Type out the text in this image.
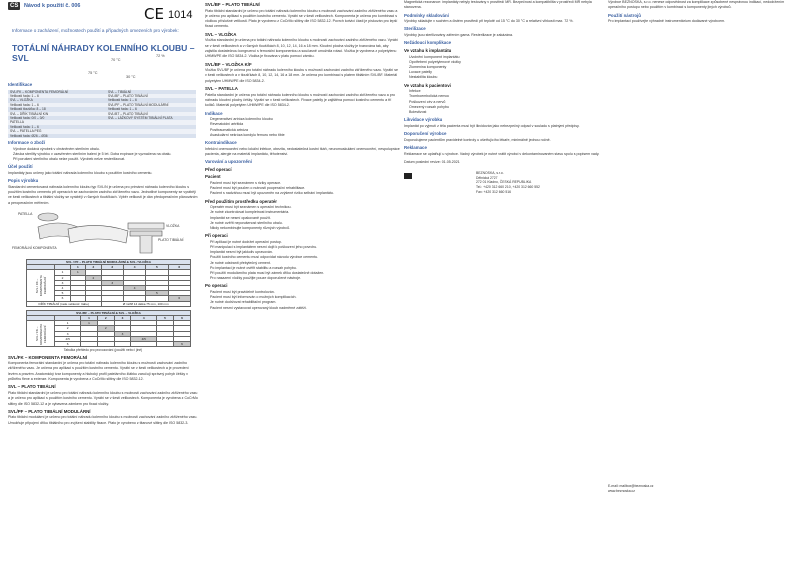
CS	Návod k použití č. 006	CE 1014
Informace o zacházení, možnostech použití a případných omezeních pro výrobek:
TOTÁLNÍ NÁHRADY KOLENNÍHO KLOUBU – SVL	70 °C
72 %
75 °C
30 °C
Identifikace
SVL/FK – KOMPONENTA FEMORÁLNÍ	SVL – TIBIÁLNÍ
Velikosti řada: 1 – 6	SVL/BF – PLATO TIBIÁLNÍ
SVL – VLOŽKA	Velikosti řada: 1 – 6
Velikosti řada: 1 – 6	SVL/PF – PLATO TIBIÁLNÍ MODULÁRNÍ
Velikosti tloušťka: 8 – 18	Velikosti řada: 1 – 6
SVL – DŘÍK TIBIÁLNÍ K/N	SVL/BT – PLATO TIBIÁLNÍ
Velikosti řada: 0/0 – 0/0	SVL – LÁŽKOVÝ SYSTÉM TIBIÁLNÍ PLATA
PATELLA	
Velikosti řada: 1 – 6	
SVL – PATELLA PEG	
Velikosti řada: Ø26 – Ø36	
Informace o zboží
• Výrobce dodává výrobek v chráněném sterilním obalu.
• Záruka sterility výrobku v uzavřeném sterilním balení je 5 let. Doba expirace je vyznačena na obalu.
• Při porušení sterilního obalu nelze použít. Výrobek nelze resterilizovat.
Účel použití

Implantáty jsou určeny jako totální náhrada kolenního kloubu s použitím kostního cementu.

Popis výrobku

Standardní cementovaná náhrada kolenního kloubu typ SVL/N je určena pro primární náhradu kolenního kloubu s použitím kostního cementu při operacích se zachováním zadního zkříženého vazu. Jednotlivé komponenty se vyrábějí ve šesti velikostech a tibiální vložky se vyrábějí v různých tloušťkách. Výběr velikostí je dán předoperačním plánováním a peroperačním měřením.

PATELLA
FEMORÁLNÍ KOMPONENTA
VLOŽKA
PLATO TIBIÁLNÍ
SVL / PF – PLATO TIBIÁLNÍ MODULÁRNÍ & SVL / VLOŽKA							
		1	2	3	4	5	6
SVL / FK – KOMPONENTA FEMORÁLNÍ	1	1					
	2		2				
	3			3			
	4				4		
	5					5	
	6						6
DŘÍK TIBIÁLNÍ (rade velikostí: Itabe)				Ø 12/Ø 14 délka 75 mm, 100 mm			
SVL/BF – PLATO TIBIÁLNÍ & SVL – VLOŽKA							
		1	2	3	4	5	6
SVL / FK – KOMPONENTA FEMORÁLNÍ	1	1					
	2		2				
	3			3			
	4/5				4/5		
	6						6
Tabulka přehledu pro provozování (použití nebo i jiné)
SVL/FK – KOMPONENTA FEMORÁLNÍ

Komponenta femorální standardní je určena pro totální náhradu kolenního kloubu s možností zachování zadního zkříženého vazu. Je určena pro aplikaci s použitím kostního cementu. Vyrábí se v šesti velikostech a je provedení levém a pravém. Anatomický tvar komponenty a hluboký profil patelárního žlábku zaručují správný pohyb čéšky v průběhu flexe a extenze. Komponenta je vyrobena z CoCrMo slitiny dle ISO 5832-12.

SVL – PLATO TIBIÁLNÍ

Plato tibiální standardní je určeno pro totální náhradu kolenního kloubu s možností zachování zadního zkříženého vazu a je určeno pro aplikaci s použitím kostního cementu. Vyrábí se v šesti velikostech. Komponenta je vyrobena z CoCrMo slitiny dle ISO 5832-12 a je vybavena zámkem pro fixaci vložky.

SVL/PF – PLATO TIBIÁLNÍ MODULÁRNÍ

Plato tibiální modulární je určeno pro totální náhradu kolenního kloubu s možností zachování zadního zkříženého vazu. Umožňuje připojení dříku tibiálního pro zvýšení stability fixace. Plato je vyrobeno z titanové slitiny dle ISO 5832-3.

SVL/BF – PLATO TIBIÁLNÍ

Plato tibiální standardní je určeno pro totální náhradu kolenního kloubu s možností zachování zadního zkříženého vazu a je určeno pro aplikaci s použitím kostního cementu. Vyrábí se v šesti velikostech. Komponenta je určena pro kombinaci s vložkou příslušné velikosti. Plato je vyrobeno z CoCrMo slitiny dle ISO 5832-12. Povrch kotvicí části je pískován pro lepší fixaci cementu.

SVL – VLOŽKA

Vložka standardní je určena pro totální náhradu kolenního kloubu s možností zachování zadního zkříženého vazu. Vyrábí se v šesti velikostech a v různých tloušťkách 8, 10, 12, 14, 16 a 18 mm. Kloubní plocha vložky je tvarována tak, aby zajistila dostatečnou kongruenci s femorální komponentou a současně umožnila rotaci. Vložka je vyrobena z polyetylenu UHMWPE dle ISO 5834-2. Vložka je fixována v platu pomocí zámku.

SVL/BF – VLOŽKA K/F

Vložka SVL/BF je určena pro totální náhradu kolenního kloubu s možností zachování zadního zkříženého vazu. Vyrábí se v šesti velikostech a v tloušťkách 8, 10, 12, 14, 16 a 18 mm. Je určena pro kombinaci s platem tibiálním SVL/BF. Materiál polyetylen UHMWPE dle ISO 5834-2.

SVL – PATELLA

Patella standardní je určena pro totální náhradu kolenního kloubu s možností zachování zadního zkříženého vazu a pro náhradu kloubní plochy čéšky. Vyrábí se v šesti velikostech. Fixace patelly je zajištěna pomocí kostního cementu a tří kolíků. Materiál polyetylen UHMWPE dle ISO 5834-2.

Indikace
• Degenerativní artróza kolenního kloubu
• Revmatoidní artritida
• Posttraumatická artróza
• Avaskulární nekróza kondylu femuru nebo tibie
Kontraindikace

Infekční onemocnění nebo lokální infekce, obezita, nedostatečná kostní tkáň, neuromuskulární onemocnění, nespolupráce pacienta, alergie na materiál implantátu, těhotenství.

Varování a upozornění
Před operací
Pacient
• Pacient musí být seznámen s riziky operace.
• Pacient musí být poučen o nutnosti pooperační rehabilitace.
• Pacient s nadváhou musí být upozorněn na zvýšené riziko selhání implantátu.
Před použitím prostředku operatér
• Operatér musí být seznámen s operační technikou.
• Je nutné zkontrolovat kompletnost instrumentária.
• Implantát se nesmí opakovaně použít.
• Je nutné ověřit neporušenost sterilního obalu.
• Nikdy nekombinujte komponenty různých výrobců.
Při operaci
• Při aplikaci je nutné dodržet operační postup.
• Při manipulaci s implantátem nesmí dojít k poškození jeho povrchu.
• Implantát nesmí být jakkoliv upravován.
• Použití kostního cementu musí odpovídat návodu výrobce cementu.
• Je nutné odstranit přebytečný cement.
• Po implantaci je nutné ověřit stabilitu a rozsah pohybu.
• Při použití modulárního plata musí být zámek dříku dostatečně dotažen.
• Pro nasazení vložky použijte pouze doporučené nástroje.
Po operaci
• Pacient musí být pravidelně kontrolován.
• Pacient musí být informován o možných komplikacích.
• Je nutné dodržovat rehabilitační program.
• Pacient nesmí vystavovat operovaný kloub nadměrné zátěži.

Magnetická rezonance: implantáty nebyly testovány v prostředí MR. Bezpečnost a kompatibilita v prostředí MR nebyla stanovena.

Podmínky skladování

Výrobky skladujte v suchém a čistém prostředí při teplotě od 15 °C do 30 °C a relativní vlhkosti max. 72 %.

Sterilizace

Výrobky jsou sterilizovány zářením gama. Resterilizace je zakázána.

Nežádoucí komplikace
Ve vztahu k implantátu
• Uvolnění komponent implantátu
• Opotřebení polyetylenové vložky
• Zlomenina komponenty
• Luxace patelly
• Nestabilita kloubu
Ve vztahu k pacientovi
• Infekce
• Tromboembolická nemoc
• Poškození cév a nervů
• Omezený rozsah pohybu
• Bolestivost
Likvidace výrobku

Implantát po vyjmutí z těla pacienta musí být likvidován jako nebezpečný odpad v souladu s platnými předpisy.

Doporučení výrobce

Doporučujeme pacientům pravidelné kontroly u ošetřujícího lékaře, minimálně jednou ročně.

Reklamace

Reklamace se uplatňují u výrobce. Vadný výrobek je nutné vrátit výrobci v dekontaminovaném stavu spolu s popisem vady.

Datum poslední revize: 01.05.2021

BEZNOSKA, s.r.o.
Dělnická 2727
272 01 Kladno, ČESKÁ REPUBLIKA
Tel.: +420 312 660 210, +420 312 660 552
Fax: +420 312 660 516

Výrobce BEZNOSKA, s.r.o. nenese odpovědnost za komplikace způsobené nesprávnou indikací, nedodržením operačního postupu nebo použitím v kombinaci s komponenty jiných výrobců.

Použití nástrojů

Pro implantaci používejte výhradně instrumentárium dodávané výrobcem.

E-mail: mailbox@beznoska.cz
www.beznoska.cz
